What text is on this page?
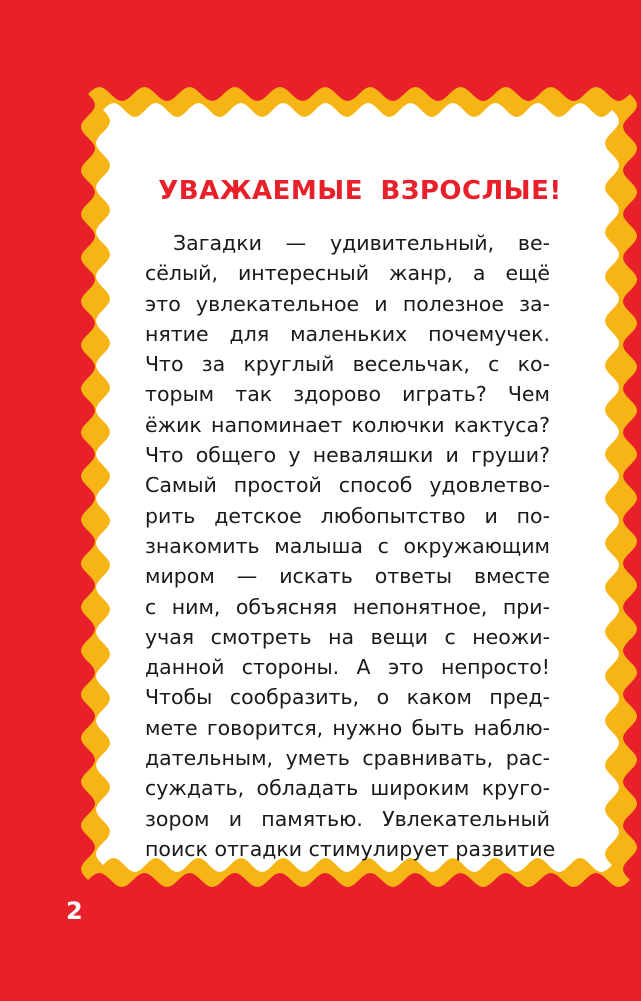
УВАЖАЕМЫЕ ВЗРОСЛЫЕ!
Загадки — удивительный, ве-
сёлый, интересный жанр, а ещё
это увлекательное и полезное за-
нятие для маленьких почемучек.
Что за круглый весельчак, с ко-
торым так здорово играть? Чем
ёжик напоминает колючки кактуса?
Что общего у неваляшки и груши?
Самый простой способ удовлетво-
рить детское любопытство и по-
знакомить малыша с окружающим
миром — искать ответы вместе
с ним, объясняя непонятное, при-
учая смотреть на вещи с неожи-
данной стороны. А это непросто!
Чтобы сообразить, о каком пред-
мете говорится, нужно быть наблю-
дательным, уметь сравнивать, рас-
суждать, обладать широким круго-
зором и памятью. Увлекательный
поиск отгадки стимулирует развитие
2
